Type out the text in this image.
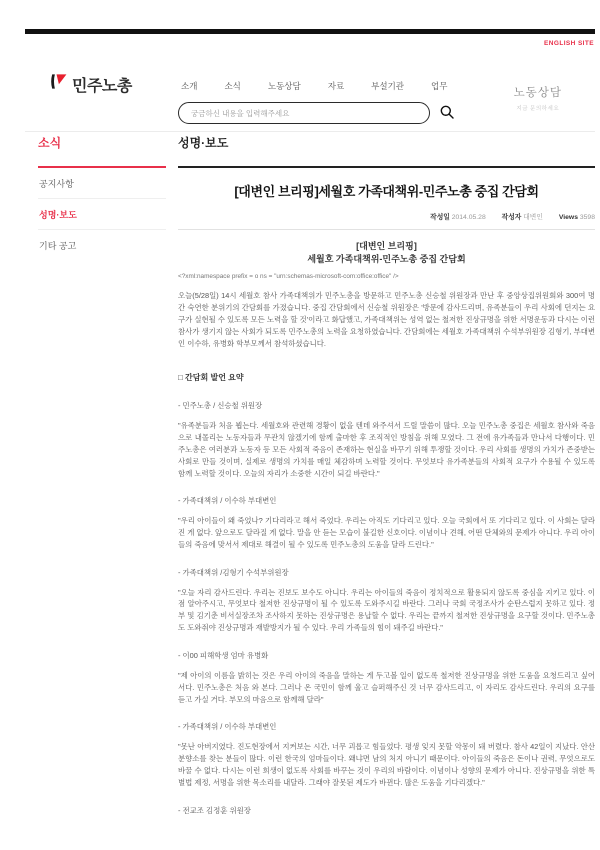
ENGLISH SITE
민주노총	소개	소식	노동상담	자료	부설기관	업무
궁금하신 내용을 입력해주세요
노동상담
지금 문의하세요
소식
공지사항
성명·보도
기타 공고
성명·보도
[대변인 브리핑]세월호 가족대책위-민주노총 중집 간담회
작성일 2014.05.28 작성자 대변인 Views 3598
[대변인 브리핑]
세월호 가족대책위-민주노총 중집 간담회
<?xml:namespace prefix = o ns = "urn:schemas-microsoft-com:office:office" />
오늘(5/28일) 14시 세월호 참사 가족대책위가 민주노총을 방문하고 민주노총 신승철 위원장과 만난 후 중앙상집위원회와 300여 명 간 숙연한 분위기의 간담회를 가졌습니다. 중집 간담회에서 신승철 위원장은 '방문에 감사드리며, 유족분들이 우리 사회에 던지는 요구가 실현될 수 있도록 모든 노력을 할 것'이라고 화답했고, 가족대책위는 성역 없는 철저한 진상규명을 위한 서명운동과 다시는 이런 참사가 생기지 않는 사회가 되도록 민주노총의 노력을 요청하였습니다. 간담회에는 세월호 가족대책위 수석부위원장 김형기, 부대변인 이수하, 유병화 학부모께서 참석하셨습니다.
□ 간담회 발언 요약
- 민주노총 / 신승철 위원장
"유족분들과 처음 뵙는다. 세월호와 관련해 경황이 없을 텐데 와주셔서 드릴 말씀이 많다. 오늘 민주노총 중집은 세월호 참사와 죽음으로 내몰리는 노동자들과 무관치 않겠기에 함께 출마한 후 조직적인 방침을 위해 모였다. 그 전에 유가족들과 만나서 다행이다. 민주노총은 여러분과 노동자 등 모든 사회적 죽음이 존재하는 현실을 바꾸기 위해 투쟁할 것이다. 우리 사회를 생명의 가치가 존중받는 사회로 만들 것이며, 실제로 생명의 가치를 매일 체감하며 노력할 것이다. 무엇보다 유가족분들의 사회적 요구가 수용될 수 있도록 함께 노력할 것이다. 오늘의 자리가 소중한 시간이 되길 바란다."
- 가족대책위 / 이수하 부대변인
"우리 아이들이 왜 죽었나? 기다리라고 해서 죽었다. 우리는 아직도 기다리고 있다. 오늘 국회에서 또 기다리고 있다. 이 사회는 달라진 게 없다. 앞으로도 달라질 게 없다. 말을 안 듣는 모습이 불길한 신호이다. 이념이나 견해, 어떤 단체와의 문제가 아니다. 우리 아이들의 죽음에 맞서서 제대로 해결이 될 수 있도록 민주노총의 도움을 달라 드린다."
- 가족대책위 /김형기 수석부위원장
"오늘 자리 감사드린다. 우리는 진보도 보수도 아니다. 우리는 아이들의 죽음이 정치적으로 활용되지 않도록 중심을 지키고 있다. 이 점 알아주시고, 무엇보다 철저한 진상규명이 될 수 있도록 도와주시길 바란다. 그러나 국회 국정조사가 순탄스럽지 못하고 있다. 정부 및 김기춘 비서실장조차 조사하지 못하는 진상규명은 용납할 수 없다. 우리는 끝까지 철저한 진상규명을 요구할 것이다. 민주노총도 도와줘야 진상규명과 재발방지가 될 수 있다. 우리 가족들의 힘이 돼주길 바란다."
- 이00 피해학생 엄마 유병화
"제 아이의 이름을 밝히는 것은 우리 아이의 죽음을 말하는 게 두고볼 일이 없도록 철저한 진상규명을 위한 도움을 요청드리고 싶어서다. 민주노총은 처음 와 본다. 그러나 온 국민이 함께 울고 슬퍼해주신 것 너무 감사드리고, 이 자리도 감사드린다. 우리의 요구를 듣고 가실 거다. 부모의 마음으로 함께해 달라"
- 가족대책위 / 이수하 부대변인
"못난 아버지였다. 진도현장에서 지켜보는 시간, 너무 괴롭고 힘들었다. 평생 잊지 못할 악몽이 돼 버렸다. 참사 42일이 지났다. 안산분향소를 찾는 분들이 많다. 이런 한국의 엄마들이다. 왜냐면 남의 처지 아니기 때문이다. 아이들의 죽음은 돈이나 권력, 무엇으로도 바꿀 수 없다. 다시는 이런 희생이 없도록 사회를 바꾸는 것이 우리의 바람이다. 이념이나 성향의 문제가 아니다. 진상규명을 위한 특별법 제정, 서명을 위한 목소리를 내달라. 그래야 잘못된 제도가 바뀐다. 많은 도움을 기다리겠다."
- 전교조 김정훈 위원장
